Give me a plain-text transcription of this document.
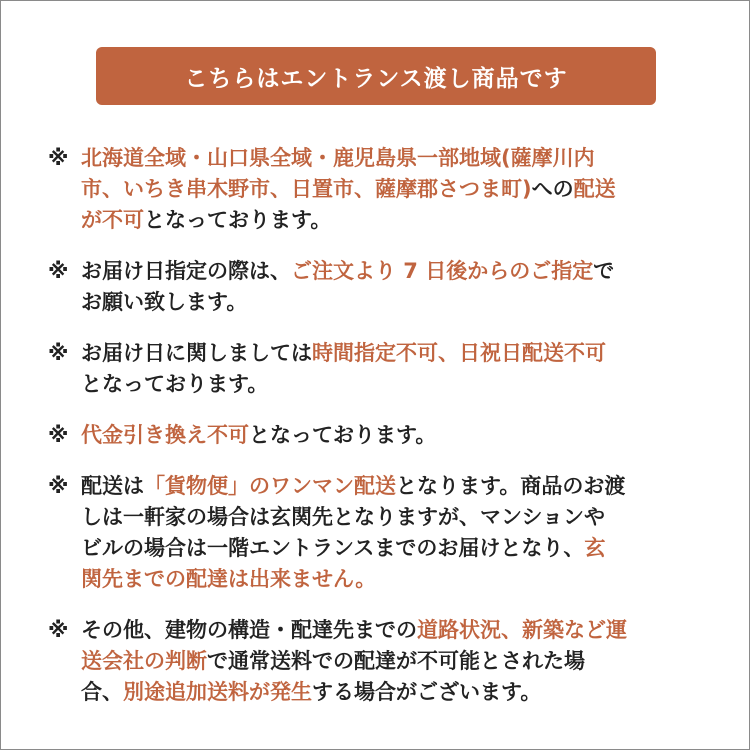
こちらはエントランス渡し商品です
※ 北海道全域・山口県全域・鹿児島県一部地域(薩摩川内
市、いちき串木野市、日置市、薩摩郡さつま町)への配送
が不可となっております。
※ お届け日指定の際は、ご注文より 7 日後からのご指定で
お願い致します。
※ お届け日に関しましては時間指定不可、日祝日配送不可
となっております。
※ 代金引き換え不可となっております。
※ 配送は「貨物便」のワンマン配送となります。商品のお渡
しは一軒家の場合は玄関先となりますが、マンションや
ビルの場合は一階エントランスまでのお届けとなり、玄
関先までの配達は出来ません。
※ その他、建物の構造・配達先までの道路状況、新築など運
送会社の判断で通常送料での配達が不可能とされた場
合、別途追加送料が発生する場合がございます。
